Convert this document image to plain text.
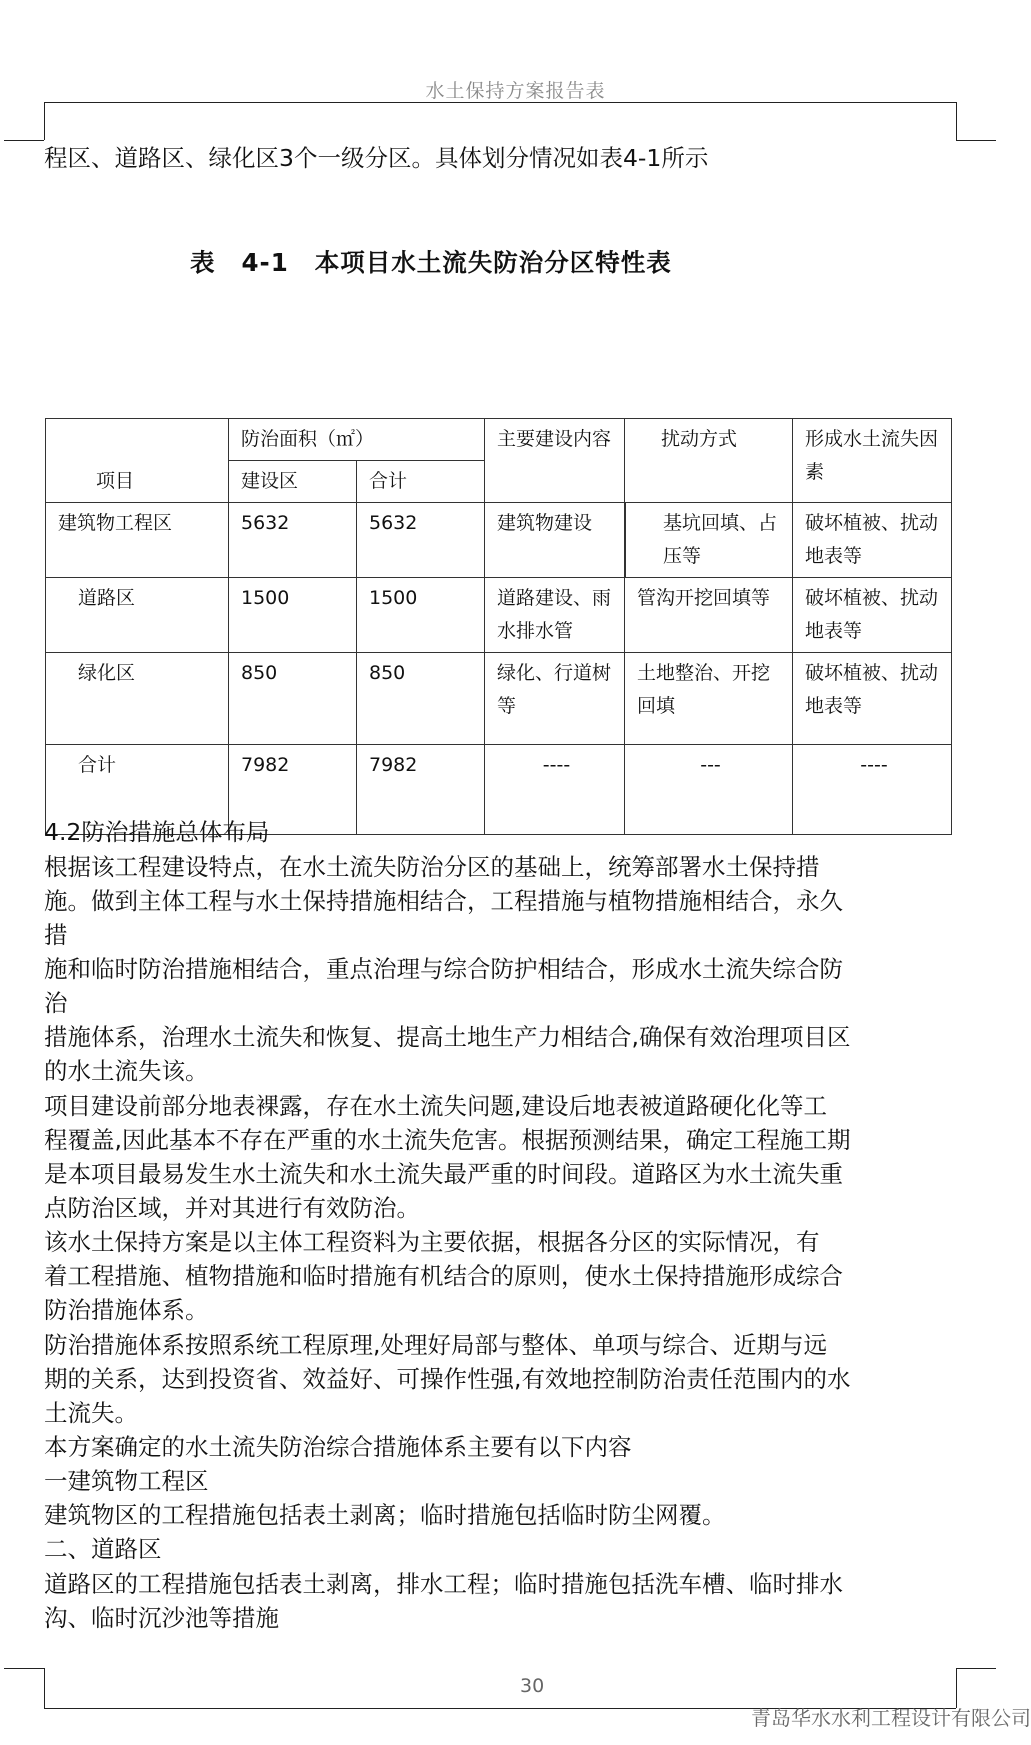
水土保持方案报告表
程区、道路区、绿化区3个一级分区。具体划分情况如表4-1所示
表 4-1 本项目水土流失防治分区特性表
项目	防治面积（㎡）		主要建设内容	扰动方式	形成水土流失因素
	建设区	合计			
建筑物工程区	5632	5632	建筑物建设	基坑回填、占压等	破坏植被、扰动地表等
道路区	1500	1500	道路建设、雨水排水管	管沟开挖回填等	破坏植被、扰动地表等
绿化区	850	850	绿化、行道树等	土地整治、开挖回填	破坏植被、扰动地表等
合计	7982	7982	----	---	----
4.2防治措施总体布局
根据该工程建设特点，在水土流失防治分区的基础上，统筹部署水土保持措
施。做到主体工程与水土保持措施相结合，工程措施与植物措施相结合，永久
措
施和临时防治措施相结合，重点治理与综合防护相结合，形成水土流失综合防
治
措施体系，治理水土流失和恢复、提高土地生产力相结合,确保有效治理项目区
的水土流失该。
项目建设前部分地表裸露，存在水土流失问题,建设后地表被道路硬化化等工
程覆盖,因此基本不存在严重的水土流失危害。根据预测结果，确定工程施工期
是本项目最易发生水土流失和水土流失最严重的时间段。道路区为水土流失重
点防治区域，并对其进行有效防治。
该水土保持方案是以主体工程资料为主要依据，根据各分区的实际情况，有
着工程措施、植物措施和临时措施有机结合的原则，使水土保持措施形成综合
防治措施体系。
防治措施体系按照系统工程原理,处理好局部与整体、单项与综合、近期与远
期的关系，达到投资省、效益好、可操作性强,有效地控制防治责任范围内的水
土流失。
本方案确定的水土流失防治综合措施体系主要有以下内容
一建筑物工程区
建筑物区的工程措施包括表土剥离；临时措施包括临时防尘网覆。
二、道路区
道路区的工程措施包括表土剥离，排水工程；临时措施包括洗车槽、临时排水
沟、临时沉沙池等措施
30
青岛华水水利工程设计有限公司
